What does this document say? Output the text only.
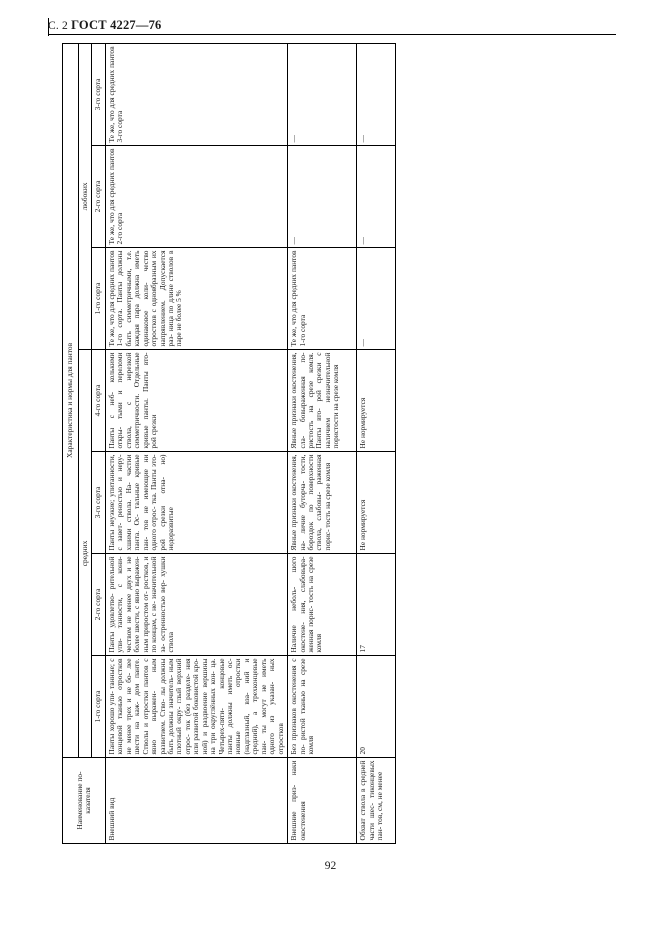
С. 2 ГОСТ 4227—76
Наименование по- казателя	Характеристика и нормы для пантов						
	средних				любоких		
	1-го сорта	2-го сорта	3-го сорта	4-го сорта	1-го сорта	2-го сорта	3-го сорта
Внешний вид	Панты хорошо упи- танные; с концевой тканью отростков не менее трех и не бо- лее шести на каж- дом панте. Стволы и отростки пантов с явно выражен- ным развитием. Ство- лы должны быть должны значитель- ным плотный окру- глый верхний отрос- ток (без разделе- ния или развитой боковистой кро- ной) и раздвоение вершины на три округлённых кон- ца. Четырех-пяти- концовые панты должны иметь ос- новные отростки (надглазный, вза- ний и средний), а трехконцевые пан- ты могут не иметь одного из указан- ных отростков	Панты удовлетво- рительной упи- танности, с кони- чеством не менее двух и не более шести, с явно выражен- ным приростом от- ростков, и по концам, с не- значительной за- остренностью вер- хушки ствола	Панты неуэкие; упитанности, с завет- реностью и неру- хшими ствола. На- частии панта. Ос- тальные кривые пан- тов не имеющие ни одного отрос- тка. Панты это- рой срезки отна- но) недоразвитые	Панты с неб- колькими откры- тыми и переломи ствола, с нерезкой симметричности. Отдельные кривые панты. Панты вто- рой срезки	Те же, что для средних пантов 1-го сорта. Панты должны быть симметричными, т.е. каждая пара должна иметь одинаковое коли- чество отростков с одноябразным их напрявлением. Допускается раз- ница по длине стволов в паре не более 5 %	Те же, что для средних пантов 2-го сорта	Те же, что для средних пантов 3-го сорта
Внешние приз- наки окостенения	Без признаков окостенения с по- ристой тканью на срезе комля	Наличие неболь- шого окостене- ния, слабовыра- женная порис- тость на срезе комля	Явные признаки окостенения, на- личие буторча- тости, бороздок по поверхности ствола, слабовы- раженная порис- тость на срезе комля	Явные признаки окостенения, сла- бовыраженная по- ристость на срезе комля. Панты вто- рой срезки с наличием незначительной пористости на срезе комля	Те же, что для средних пантов 1-го сорта	—	—
Обхват ствола в средней части шес- тиконцевых пан- тов, см, не менее	20	17	Не нормируется	Не нормируется	—	—	—
92
